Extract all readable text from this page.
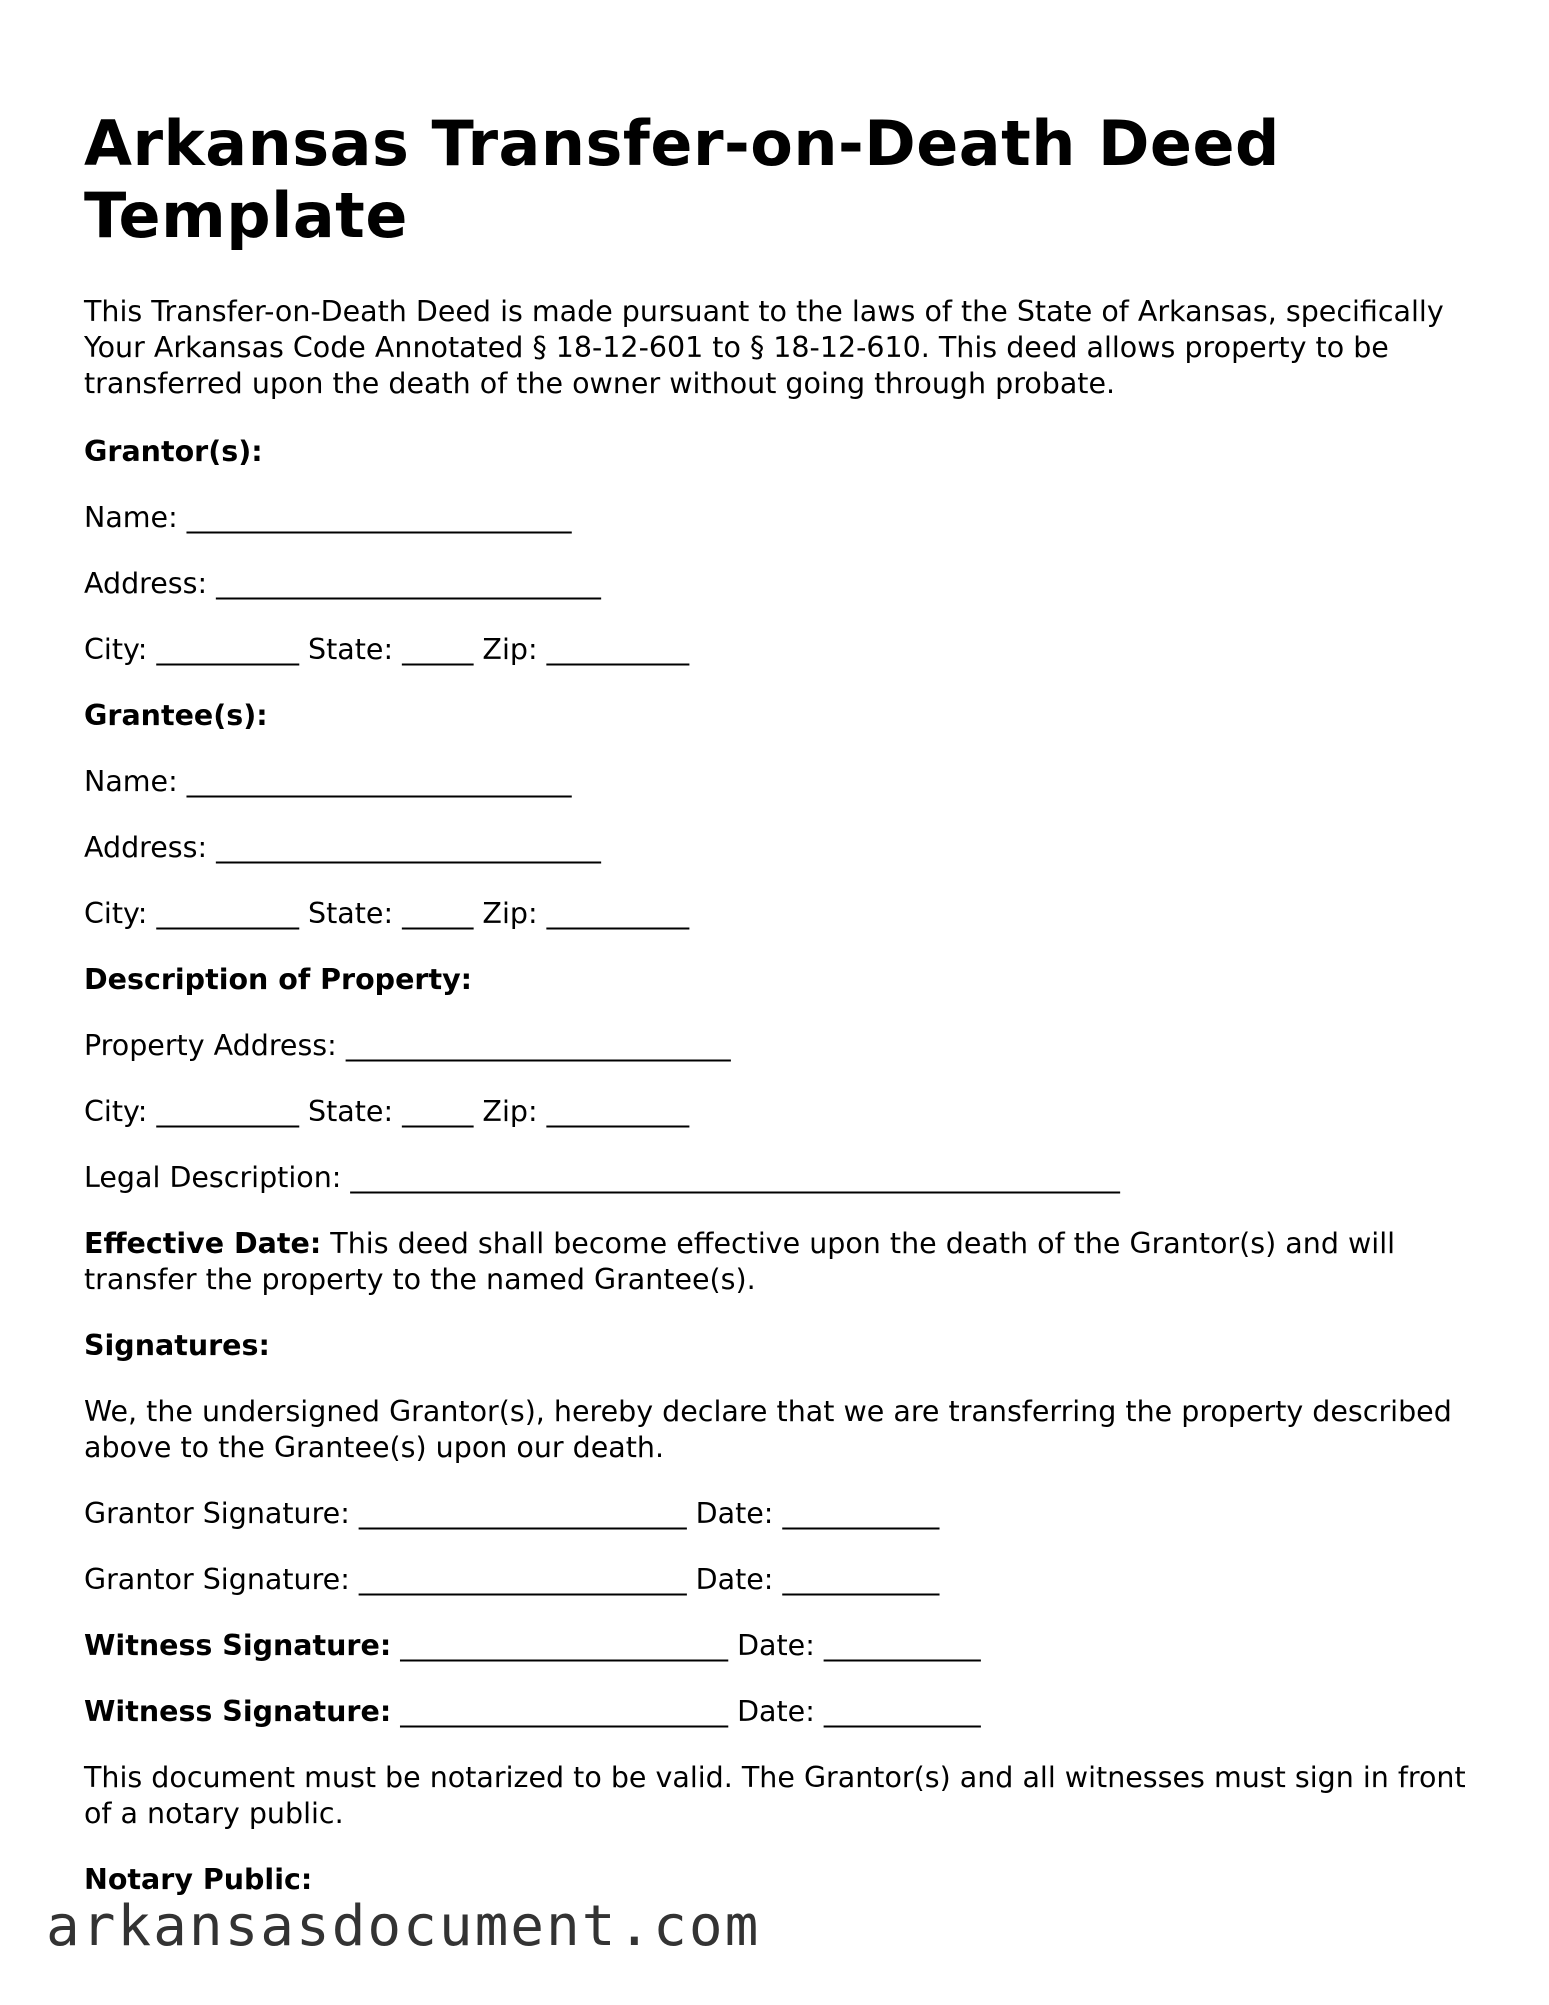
Arkansas Transfer-on-Death Deed Template

This Transfer-on-Death Deed is made pursuant to the laws of the State of Arkansas, specifically Your Arkansas Code Annotated § 18-12-601 to § 18-12-610. This deed allows property to be transferred upon the death of the owner without going through probate.

Grantor(s):
Name: ___________________________
Address: ___________________________
City: __________ State: _____ Zip: __________
Grantee(s):
Name: ___________________________
Address: ___________________________
City: __________ State: _____ Zip: __________
Description of Property:
Property Address: ___________________________
City: __________ State: _____ Zip: __________
Legal Description: ______________________________________________________

Effective Date: This deed shall become effective upon the death of the Grantor(s) and will transfer the property to the named Grantee(s).

Signatures:

We, the undersigned Grantor(s), hereby declare that we are transferring the property described above to the Grantee(s) upon our death.

Grantor Signature: _______________________ Date: ___________
Grantor Signature: _______________________ Date: ___________
Witness Signature: _______________________ Date: ___________
Witness Signature: _______________________ Date: ___________

This document must be notarized to be valid. The Grantor(s) and all witnesses must sign in front of a notary public.

Notary Public:
arkansasdocument.com
